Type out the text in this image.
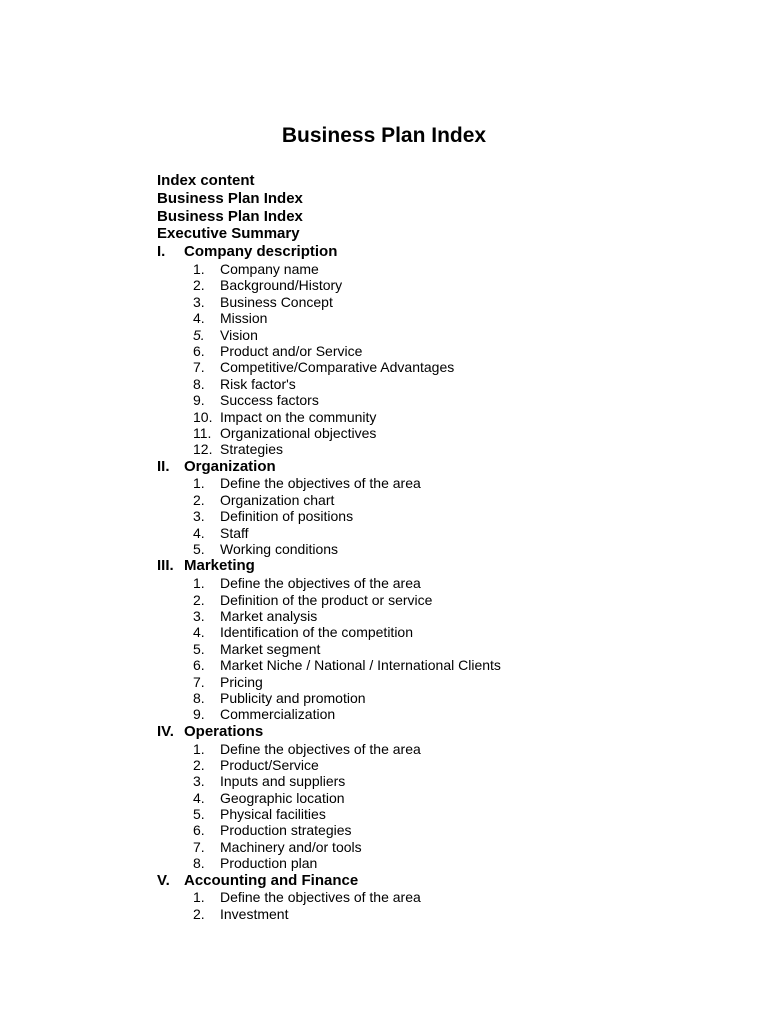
Business Plan Index
Index content
Business Plan Index
Business Plan Index
Executive Summary
I. Company description
1. Company name
2. Background/History
3. Business Concept
4. Mission
5. Vision
6. Product and/or Service
7. Competitive/Comparative Advantages
8. Risk factor's
9. Success factors
10. Impact on the community
11. Organizational objectives
12. Strategies
II. Organization
1. Define the objectives of the area
2. Organization chart
3. Definition of positions
4. Staff
5. Working conditions
III. Marketing
1. Define the objectives of the area
2. Definition of the product or service
3. Market analysis
4. Identification of the competition
5. Market segment
6. Market Niche / National / International Clients
7. Pricing
8. Publicity and promotion
9. Commercialization
IV. Operations
1. Define the objectives of the area
2. Product/Service
3. Inputs and suppliers
4. Geographic location
5. Physical facilities
6. Production strategies
7. Machinery and/or tools
8. Production plan
V. Accounting and Finance
1. Define the objectives of the area
2. Investment
